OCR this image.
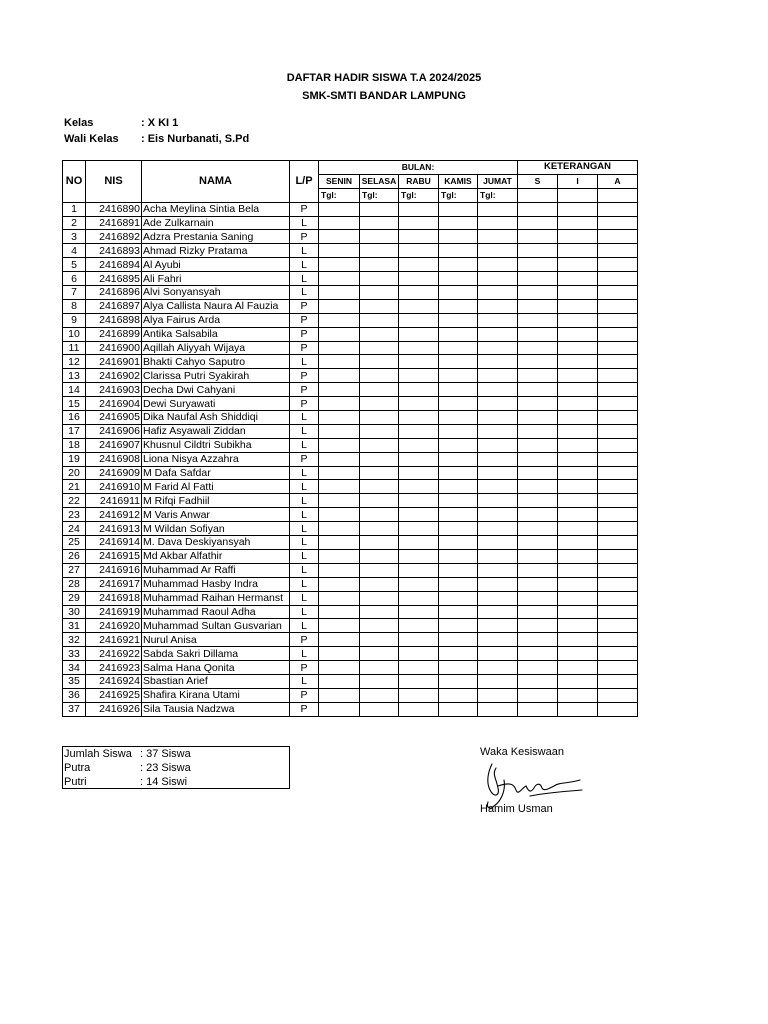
DAFTAR HADIR SISWA T.A 2024/2025
SMK-SMTI BANDAR LAMPUNG
Kelas	: X KI 1
Wali Kelas : Eis Nurbanati, S.Pd
NO	NIS	NAMA	L/P	BULAN:					KETERANGAN		
				SENIN	SELASA	RABU	KAMIS	JUMAT	S	I	A
				Tgl:	Tgl:	Tgl:	Tgl:	Tgl:			
1	2416890	Acha Meylina Sintia Bela	P								
2	2416891	Ade Zulkarnain	L								
3	2416892	Adzra Prestania Saning	P								
4	2416893	Ahmad Rizky Pratama	L								
5	2416894	Al Ayubi	L								
6	2416895	Ali Fahri	L								
7	2416896	Alvi Sonyansyah	L								
8	2416897	Alya Callista Naura Al Fauzia	P								
9	2416898	Alya Fairus Arda	P								
10	2416899	Antika Salsabila	P								
11	2416900	Aqillah Aliyyah Wijaya	P								
12	2416901	Bhakti Cahyo Saputro	L								
13	2416902	Clarissa Putri Syakirah	P								
14	2416903	Decha Dwi Cahyani	P								
15	2416904	Dewi Suryawati	P								
16	2416905	Dika Naufal Ash Shiddiqi	L								
17	2416906	Hafiz Asyawali Ziddan	L								
18	2416907	Khusnul Cildtri Subikha	L								
19	2416908	Liona Nisya Azzahra	P								
20	2416909	M Dafa Safdar	L								
21	2416910	M Farid Al Fatti	L								
22	2416911	M Rifqi Fadhiil	L								
23	2416912	M Varis Anwar	L								
24	2416913	M Wildan Sofiyan	L								
25	2416914	M. Dava Deskiyansyah	L								
26	2416915	Md Akbar Alfathir	L								
27	2416916	Muhammad Ar Raffi	L								
28	2416917	Muhammad Hasby Indra	L								
29	2416918	Muhammad Raihan Hermanst	L								
30	2416919	Muhammad Raoul Adha	L								
31	2416920	Muhammad Sultan Gusvarian	L								
32	2416921	Nurul Anisa	P								
33	2416922	Sabda Sakri Dillama	L								
34	2416923	Salma Hana Qonita	P								
35	2416924	Sbastian Arief	L								
36	2416925	Shafira Kirana Utami	P								
37	2416926	Sila Tausia Nadzwa	P								
Jumlah Siswa : 37 Siswa
Putra	: 23 Siswa
Putri	: 14 Siswi
Waka Kesiswaan
Hamim Usman
